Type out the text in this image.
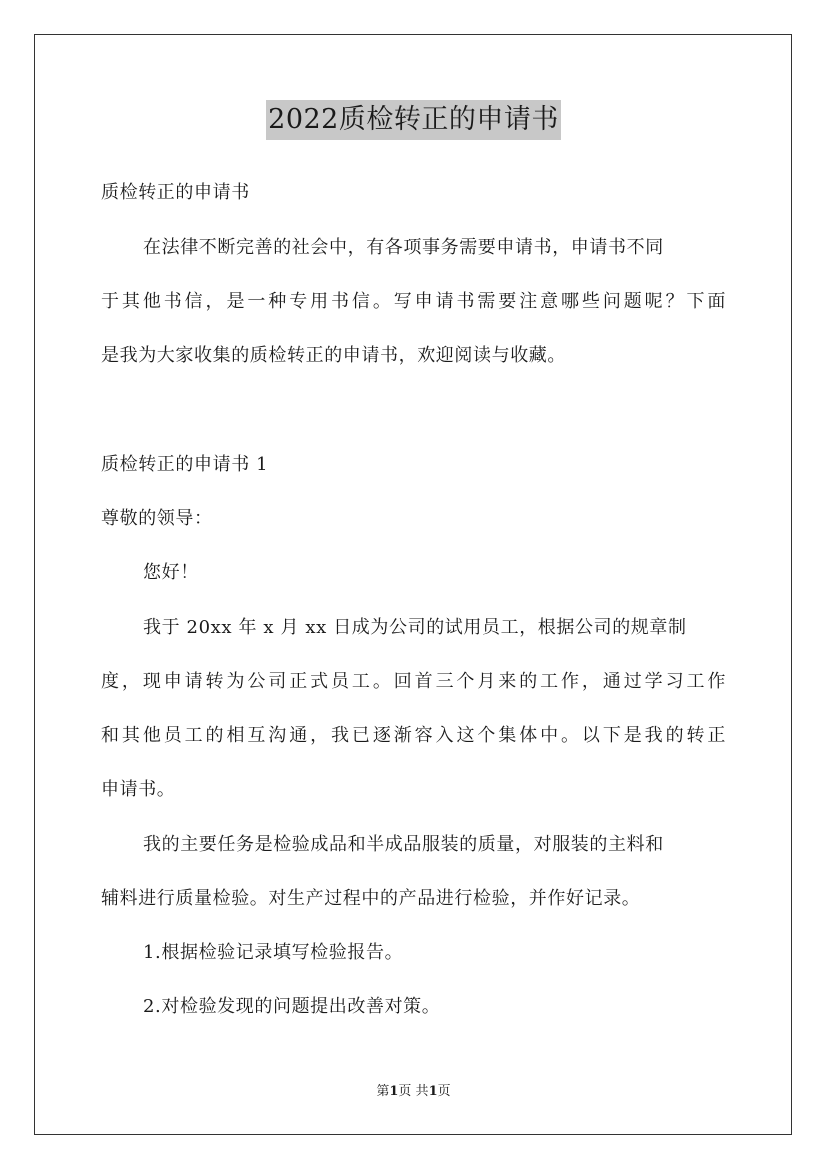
2022质检转正的申请书
质检转正的申请书
在法律不断完善的社会中，有各项事务需要申请书，申请书不同
于其他书信，是一种专用书信。写申请书需要注意哪些问题呢？下面
是我为大家收集的质检转正的申请书，欢迎阅读与收藏。
质检转正的申请书 1
尊敬的领导：
您好！
我于 20xx 年 x 月 xx 日成为公司的试用员工，根据公司的规章制
度，现申请转为公司正式员工。回首三个月来的工作，通过学习工作
和其他员工的相互沟通，我已逐渐容入这个集体中。以下是我的转正
申请书。
我的主要任务是检验成品和半成品服装的质量，对服装的主料和
辅料进行质量检验。对生产过程中的产品进行检验，并作好记录。
1.根据检验记录填写检验报告。
2.对检验发现的问题提出改善对策。
第1页 共1页
